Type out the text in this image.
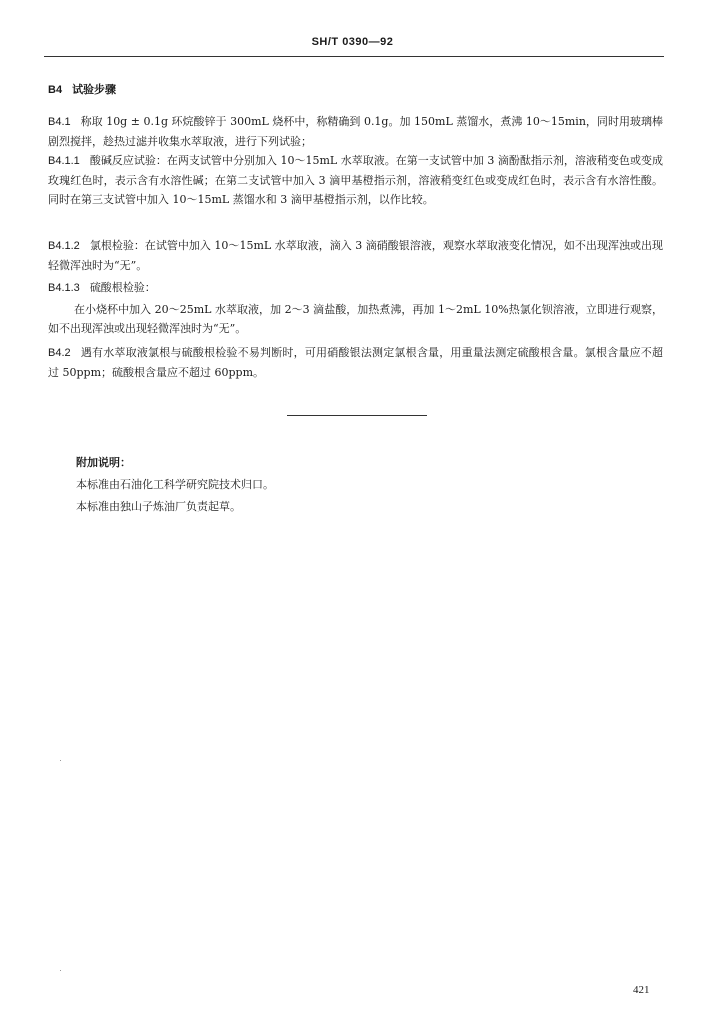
SH/T 0390—92
B4 试验步骤

B4.1 称取 10g ± 0.1g 环烷酸锌于 300mL 烧杯中，称精确到 0.1g。加 150mL 蒸馏水，煮沸 10～15min，同时用玻璃棒剧烈搅拌，趁热过滤并收集水萃取液，进行下列试验；

B4.1.1 酸碱反应试验：在两支试管中分别加入 10～15mL 水萃取液。在第一支试管中加 3 滴酚酞指示剂，溶液稍变色或变成玫瑰红色时，表示含有水溶性碱；在第二支试管中加入 3 滴甲基橙指示剂，溶液稍变红色或变成红色时，表示含有水溶性酸。同时在第三支试管中加入 10～15mL 蒸馏水和 3 滴甲基橙指示剂，以作比较。

B4.1.2 氯根检验：在试管中加入 10～15mL 水萃取液，滴入 3 滴硝酸银溶液，观察水萃取液变化情况，如不出现浑浊或出现轻微浑浊时为“无”。

B4.1.3 硫酸根检验：

在小烧杯中加入 20～25mL 水萃取液，加 2～3 滴盐酸，加热煮沸，再加 1～2mL 10%热氯化钡溶液，立即进行观察，如不出现浑浊或出现轻微浑浊时为“无”。

B4.2 遇有水萃取液氯根与硫酸根检验不易判断时，可用硝酸银法测定氯根含量，用重量法测定硫酸根含量。氯根含量应不超过 50ppm；硫酸根含量应不超过 60ppm。

附加说明：
本标准由石油化工科学研究院技术归口。
本标准由独山子炼油厂负责起草。
421
